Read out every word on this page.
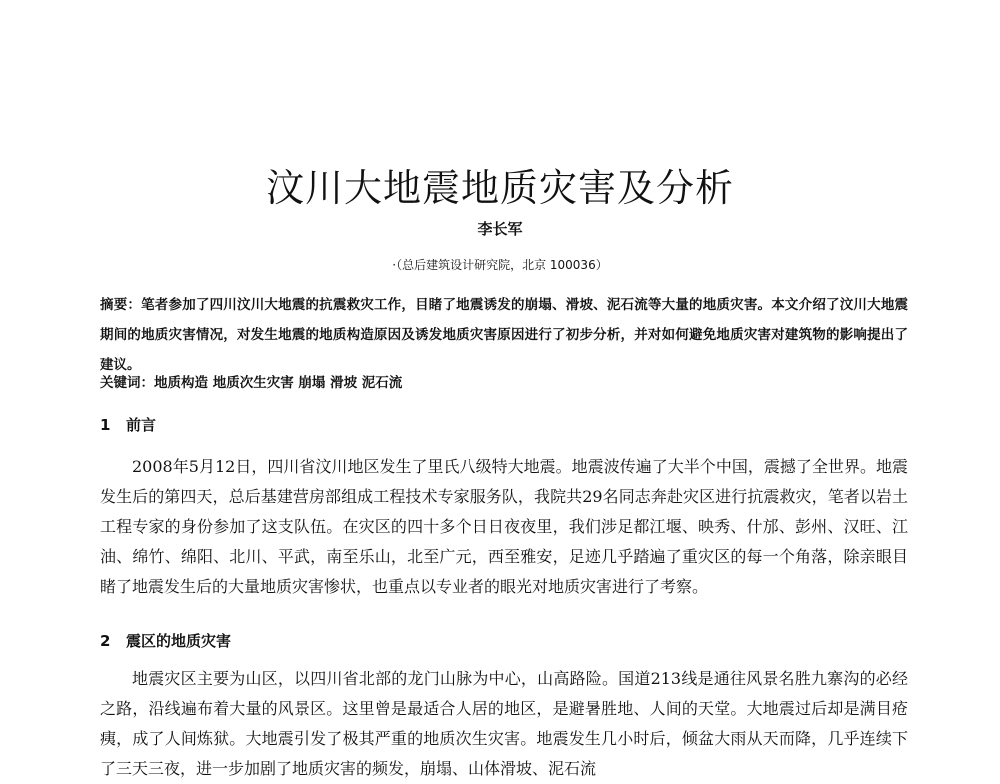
汶川大地震地质灾害及分析
李长军
·（总后建筑设计研究院，北京 100036）
摘要：笔者参加了四川汶川大地震的抗震救灾工作，目睹了地震诱发的崩塌、滑坡、泥石流等大量的地质灾害。本文介绍了汶川大地震期间的地质灾害情况，对发生地震的地质构造原因及诱发地质灾害原因进行了初步分析，并对如何避免地质灾害对建筑物的影响提出了建议。
关键词：地质构造 地质次生灾害 崩塌 滑坡 泥石流
1 前言
2008年5月12日，四川省汶川地区发生了里氏八级特大地震。地震波传遍了大半个中国，震撼了全世界。地震发生后的第四天，总后基建营房部组成工程技术专家服务队，我院共29名同志奔赴灾区进行抗震救灾，笔者以岩土工程专家的身份参加了这支队伍。在灾区的四十多个日日夜夜里，我们涉足都江堰、映秀、什邡、彭州、汉旺、江油、绵竹、绵阳、北川、平武，南至乐山，北至广元，西至雅安，足迹几乎踏遍了重灾区的每一个角落，除亲眼目睹了地震发生后的大量地质灾害惨状，也重点以专业者的眼光对地质灾害进行了考察。
2 震区的地质灾害
地震灾区主要为山区，以四川省北部的龙门山脉为中心，山高路险。国道213线是通往风景名胜九寨沟的必经之路，沿线遍布着大量的风景区。这里曾是最适合人居的地区，是避暑胜地、人间的天堂。大地震过后却是满目疮痍，成了人间炼狱。大地震引发了极其严重的地质次生灾害。地震发生几小时后，倾盆大雨从天而降，几乎连续下了三天三夜，进一步加剧了地质灾害的频发，崩塌、山体滑坡、泥石流
